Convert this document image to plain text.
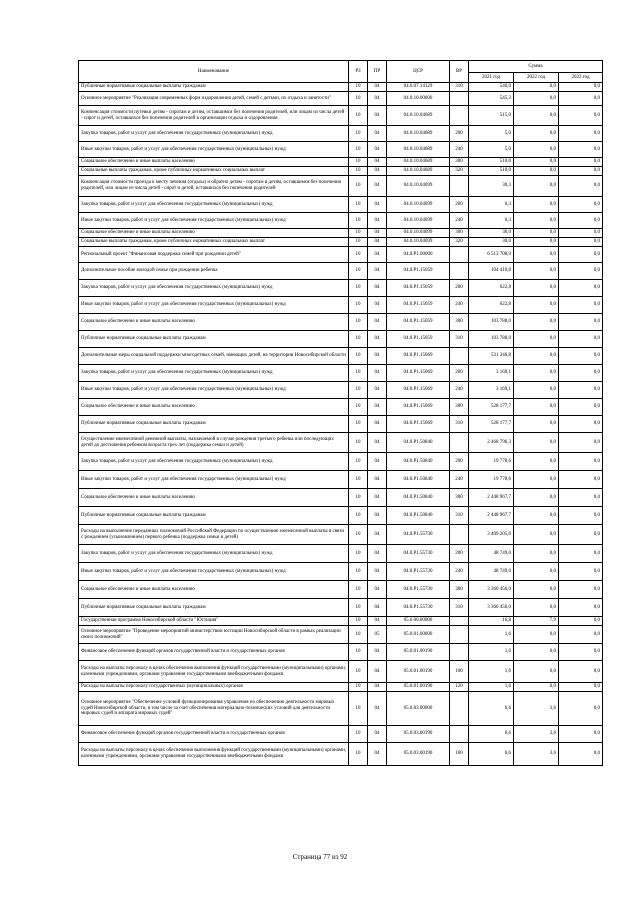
Наименование	РЗ	ПР	ЦСР	ВР	Сумма		
					2021 год	2022 год	2023 год
Публичные нормативные социальные выплаты гражданам	10	04	04.0.07.14129	310	540,0	0,0	0,0
Основное мероприятие "Реализация современных форм оздоровления детей, семей с детьми, их отдыха и занятости"	10	04	04.0.10.00000		545,3	0,0	0,0
Компенсация стоимости путевки детям - сиротам и детям, оставшимся без попечения родителей, или лицам из числа детей - сирот и детей, оставшихся без попечения родителей в организации отдыха и оздоровления	10	04	04.0.10.04689		515,0	0,0	0,0
Закупка товаров, работ и услуг для обеспечения государственных (муниципальных) нужд	10	04	04.0.10.04689	200	5,0	0,0	0,0
Иные закупки товаров, работ и услуг для обеспечения государственных (муниципальных) нужд	10	04	04.0.10.04689	240	5,0	0,0	0,0
Социальное обеспечение и иные выплаты населению	10	04	04.0.10.04689	300	510,0	0,0	0,0
Социальные выплаты гражданам, кроме публичных нормативных социальных выплат	10	04	04.0.10.04689	320	510,0	0,0	0,0
Компенсация стоимости проезда к месту лечения (отдыха) и обратно детям - сиротам и детям, оставшимся без попечения родителей, или лицам из числа детей - сирот и детей, оставшихся без попечения родителей	10	04	04.0.10.04699		30,3	0,0	0,0
Закупка товаров, работ и услуг для обеспечения государственных (муниципальных) нужд	10	04	04.0.10.04699	200	0,3	0,0	0,0
Иные закупки товаров, работ и услуг для обеспечения государственных (муниципальных) нужд	10	04	04.0.10.04699	240	0,3	0,0	0,0
Социальное обеспечение и иные выплаты населению	10	04	04.0.10.04699	300	30,0	0,0	0,0
Социальные выплаты гражданам, кроме публичных нормативных социальных выплат	10	04	04.0.10.04699	320	30,0	0,0	0,0
Региональный проект "Финансовая поддержка семей при рождении детей"	10	04	04.0.P1.00000		6 513 708,9	0,0	0,0
Дополнительное пособие молодой семье при рождении ребенка	10	04	04.0.P1.15059		104 410,8	0,0	0,0
Закупка товаров, работ и услуг для обеспечения государственных (муниципальных) нужд	10	04	04.0.P1.15059	200	622,8	0,0	0,0
Иные закупки товаров, работ и услуг для обеспечения государственных (муниципальных) нужд	10	04	04.0.P1.15059	240	622,8	0,0	0,0
Социальное обеспечение и иные выплаты населению	10	04	04.0.P1.15059	300	103 788,0	0,0	0,0
Публичные нормативные социальные выплаты гражданам	10	04	04.0.P1.15059	310	103 788,0	0,0	0,0
Дополнительные меры социальной поддержки многодетных семей, имеющих детей, на территории Новосибирской области	10	04	04.0.P1.15069		531 346,8	0,0	0,0
Закупка товаров, работ и услуг для обеспечения государственных (муниципальных) нужд	10	04	04.0.P1.15069	200	3 169,1	0,0	0,0
Иные закупки товаров, работ и услуг для обеспечения государственных (муниципальных) нужд	10	04	04.0.P1.15069	240	3 169,1	0,0	0,0
Социальное обеспечение и иные выплаты населению	10	04	04.0.P1.15069	300	528 177,7	0,0	0,0
Публичные нормативные социальные выплаты гражданам	10	04	04.0.P1.15069	310	528 177,7	0,0	0,0
Осуществление ежемесячной денежной выплаты, назначаемой в случае рождения третьего ребенка или последующих детей до достижения ребенком возраста трех лет (поддержка семьи и детей)	10	04	04.0.P1.50840		2 468 796,3	0,0	0,0
Закупка товаров, работ и услуг для обеспечения государственных (муниципальных) нужд	10	04	04.0.P1.50840	200	19 778,6	0,0	0,0
Иные закупки товаров, работ и услуг для обеспечения государственных (муниципальных) нужд	10	04	04.0.P1.50840	240	19 778,6	0,0	0,0
Социальное обеспечение и иные выплаты населению	10	04	04.0.P1.50840	300	2 448 967,7	0,0	0,0
Публичные нормативные социальные выплаты гражданам	10	04	04.0.P1.50840	310	2 448 967,7	0,0	0,0
Расходы на выполнение переданных полномочий Российской Федерации по осуществлению ежемесячной выплаты в связи с рождением (усыновлением) первого ребенка (поддержка семьи и детей)	10	04	04.0.P1.55730		3 409 205,0	0,0	0,0
Закупка товаров, работ и услуг для обеспечения государственных (муниципальных) нужд	10	04	04.0.P1.55730	200	48 749,0	0,0	0,0
Иные закупки товаров, работ и услуг для обеспечения государственных (муниципальных) нужд	10	04	04.0.P1.55730	240	48 749,0	0,0	0,0
Социальное обеспечение и иные выплаты населению	10	04	04.0.P1.55730	300	3 360 456,0	0,0	0,0
Публичные нормативные социальные выплаты гражданам	10	04	04.0.P1.55730	310	3 360 456,0	0,0	0,0
Государственная программа Новосибирской области "Юстиция"	10	04	05.0.00.00000		16,8	7,9	0,0
Основное мероприятие "Проведение мероприятий министерством юстиции Новосибирской области в рамках реализации своих полномочий"	10	05	05.0.01.00000		1,6	0,0	0,0
Финансовое обеспечение функций органов государственной власти и государственных органов	10	04	05.0.01.00190		1,6	0,0	0,0
Расходы на выплаты персоналу в целях обеспечения выполнения функций государственными (муниципальными) органами, казенными учреждениями, органами управления государственными внебюджетными фондами	10	04	05.0.01.00190	100	1,6	0,0	0,0
Расходы на выплаты персоналу государственных (муниципальных) органов	10	04	05.0.01.00190	120	1,6	0,0	0,0
Основное мероприятие "Обеспечение условий функционирования управления по обеспечению деятельности мировых судей Новосибирской области, в том числе за счет обеспечения материально-технических условий для деятельности мировых судей и аппарата мировых судей"	10	04	05.0.03.00000		6,6	3,6	0,0
Финансовое обеспечение функций органов государственной власти и государственных органов	10	04	05.0.03.00190		6,6	3,6	0,0
Расходы на выплаты персоналу в целях обеспечения выполнения функций государственными (муниципальными) органами, казенными учреждениями, органами управления государственными внебюджетными фондами	10	04	05.0.03.00190	100	6,6	3,6	0,0
Страница 77 из 92
